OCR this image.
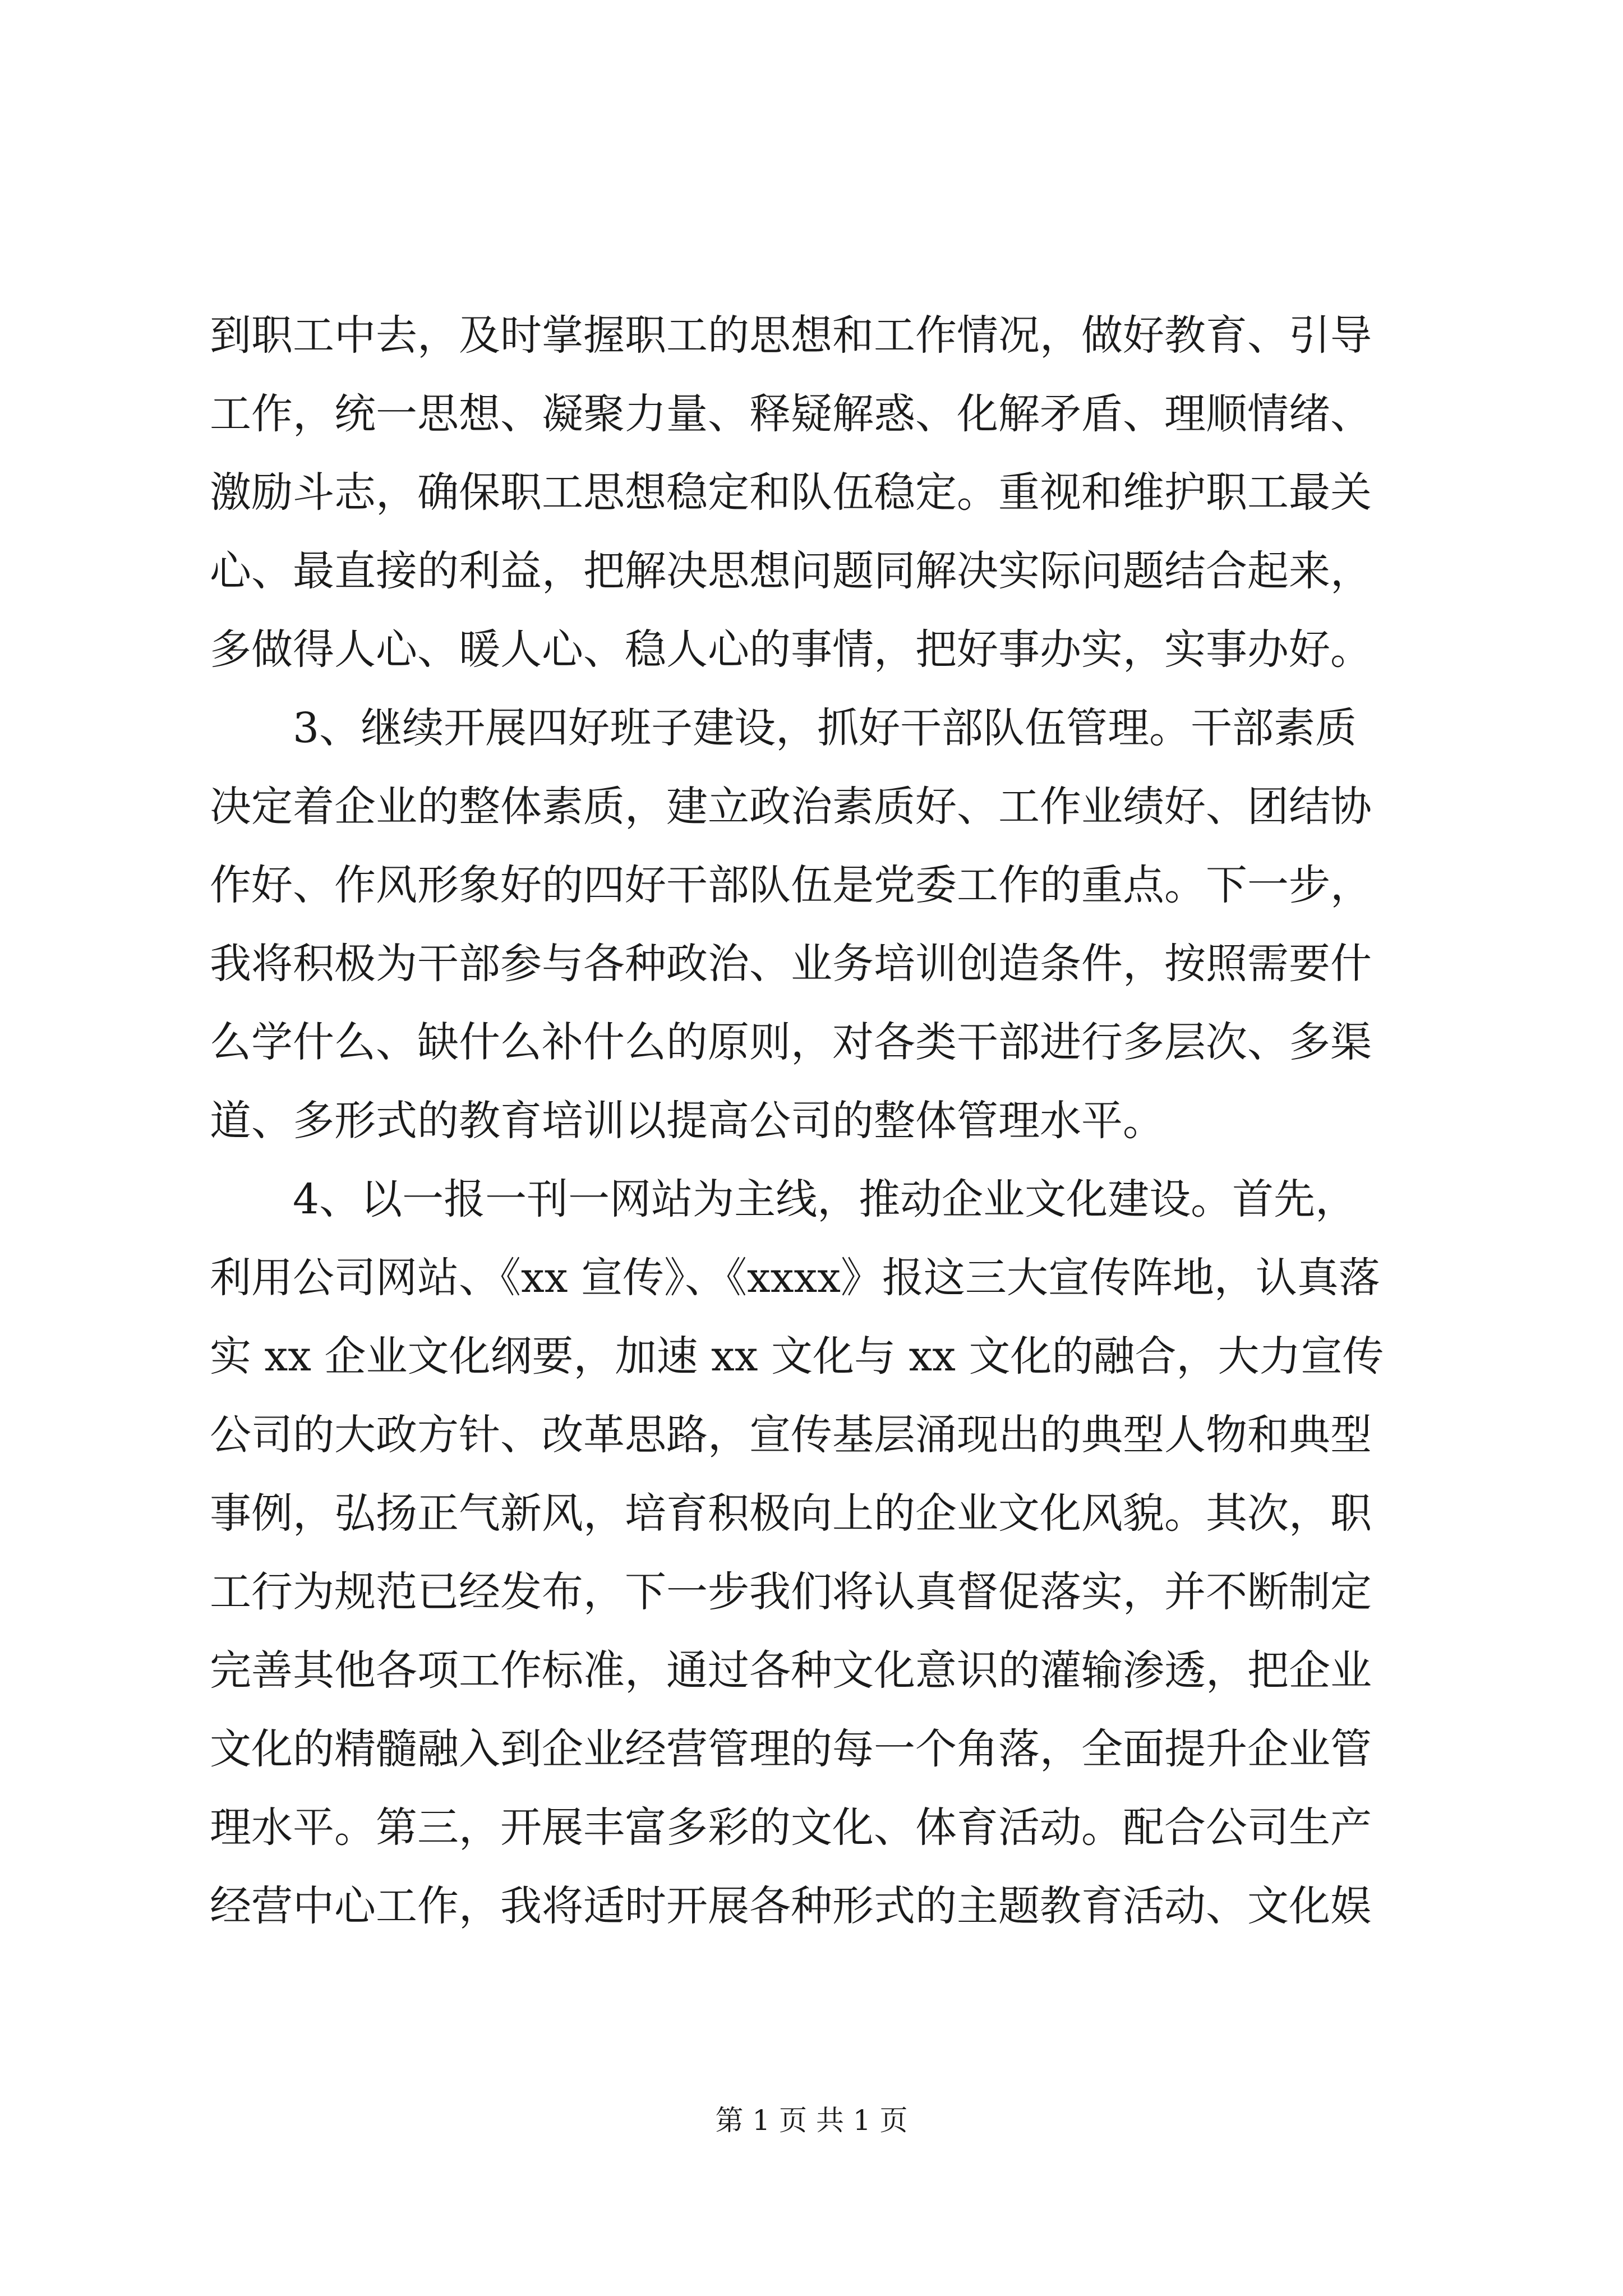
到职工中去，及时掌握职工的思想和工作情况，做好教育、引导
工作，统一思想、凝聚力量、释疑解惑、化解矛盾、理顺情绪、
激励斗志，确保职工思想稳定和队伍稳定。重视和维护职工最关
心、最直接的利益，把解决思想问题同解决实际问题结合起来，
多做得人心、暖人心、稳人心的事情，把好事办实，实事办好。
　　3、继续开展四好班子建设，抓好干部队伍管理。干部素质
决定着企业的整体素质，建立政治素质好、工作业绩好、团结协
作好、作风形象好的四好干部队伍是党委工作的重点。下一步，
我将积极为干部参与各种政治、业务培训创造条件，按照需要什
么学什么、缺什么补什么的原则，对各类干部进行多层次、多渠
道、多形式的教育培训以提高公司的整体管理水平。
　　4、以一报一刊一网站为主线，推动企业文化建设。首先，
利用公司网站、《xx 宣传》、《xxxx》报这三大宣传阵地，认真落
实 xx 企业文化纲要，加速 xx 文化与 xx 文化的融合，大力宣传
公司的大政方针、改革思路，宣传基层涌现出的典型人物和典型
事例，弘扬正气新风，培育积极向上的企业文化风貌。其次，职
工行为规范已经发布，下一步我们将认真督促落实，并不断制定
完善其他各项工作标准，通过各种文化意识的灌输渗透，把企业
文化的精髓融入到企业经营管理的每一个角落，全面提升企业管
理水平。第三，开展丰富多彩的文化、体育活动。配合公司生产
经营中心工作，我将适时开展各种形式的主题教育活动、文化娱
第 1 页 共 1 页
